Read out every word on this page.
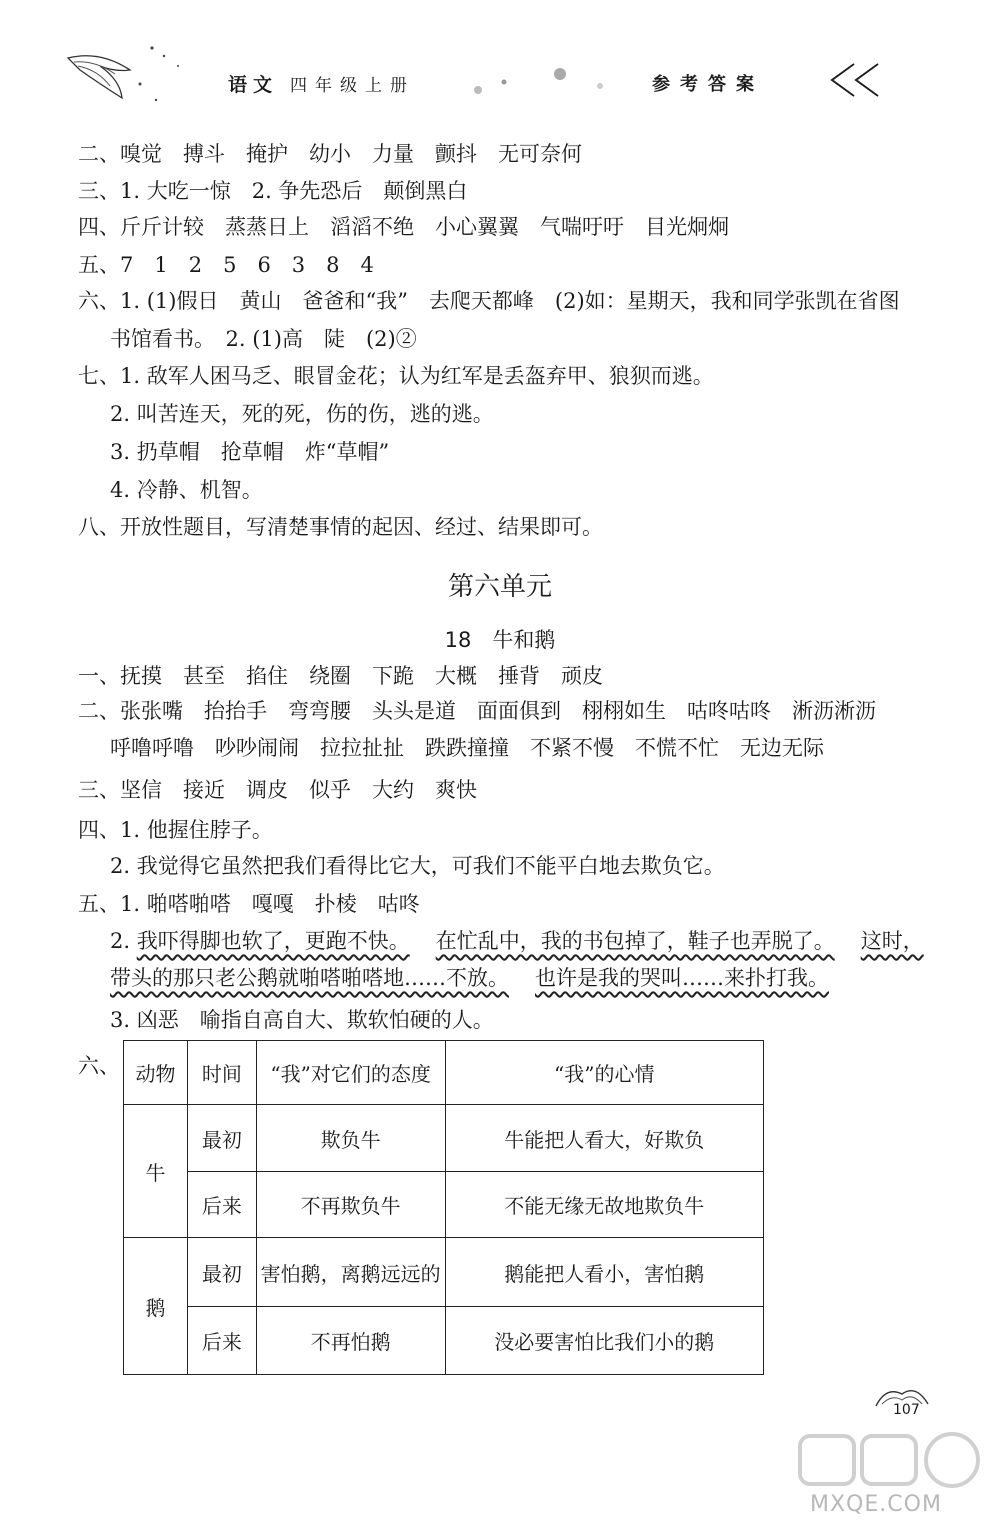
语文 四年级上册	参考答案
二、嗅觉　搏斗　掩护　幼小　力量　颤抖　无可奈何
三、1. 大吃一惊　2. 争先恐后　颠倒黑白
四、斤斤计较　蒸蒸日上　滔滔不绝　小心翼翼　气喘吁吁　目光炯炯
五、7　1　2　5　6　3　8　4
六、1. (1)假日　黄山　爸爸和“我”　去爬天都峰　(2)如：星期天，我和同学张凯在省图
书馆看书。　2. (1)高　陡　(2)②
七、1. 敌军人困马乏、眼冒金花；认为红军是丢盔弃甲、狼狈而逃。
2. 叫苦连天，死的死，伤的伤，逃的逃。
3. 扔草帽　抢草帽　炸“草帽”
4. 冷静、机智。
八、开放性题目，写清楚事情的起因、经过、结果即可。
第六单元
18　牛和鹅
一、抚摸　甚至　掐住　绕圈　下跪　大概　捶背　顽皮
二、张张嘴　抬抬手　弯弯腰　头头是道　面面俱到　栩栩如生　咕咚咕咚　淅沥淅沥
呼噜呼噜　吵吵闹闹　拉拉扯扯　跌跌撞撞　不紧不慢　不慌不忙　无边无际
三、坚信　接近　调皮　似乎　大约　爽快
四、1. 他握住脖子。
2. 我觉得它虽然把我们看得比它大，可我们不能平白地去欺负它。
五、1. 啪嗒啪嗒　嘎嘎　扑棱　咕咚
2. 我吓得脚也软了，更跑不快。 在忙乱中，我的书包掉了，鞋子也弄脱了。 这时，
带头的那只老公鹅就啪嗒啪嗒地……不放。 也许是我的哭叫……来扑打我。
3. 凶恶　喻指自高自大、欺软怕硬的人。
六、 动物	时间	“我”对它们的态度	“我”的心情
牛	最初	欺负牛	牛能把人看大，好欺负
	后来	不再欺负牛	不能无缘无故地欺负牛
鹅	最初	害怕鹅，离鹅远远的	鹅能把人看小，害怕鹅
	后来	不再怕鹅	没必要害怕比我们小的鹅
107
MXQE.COM
